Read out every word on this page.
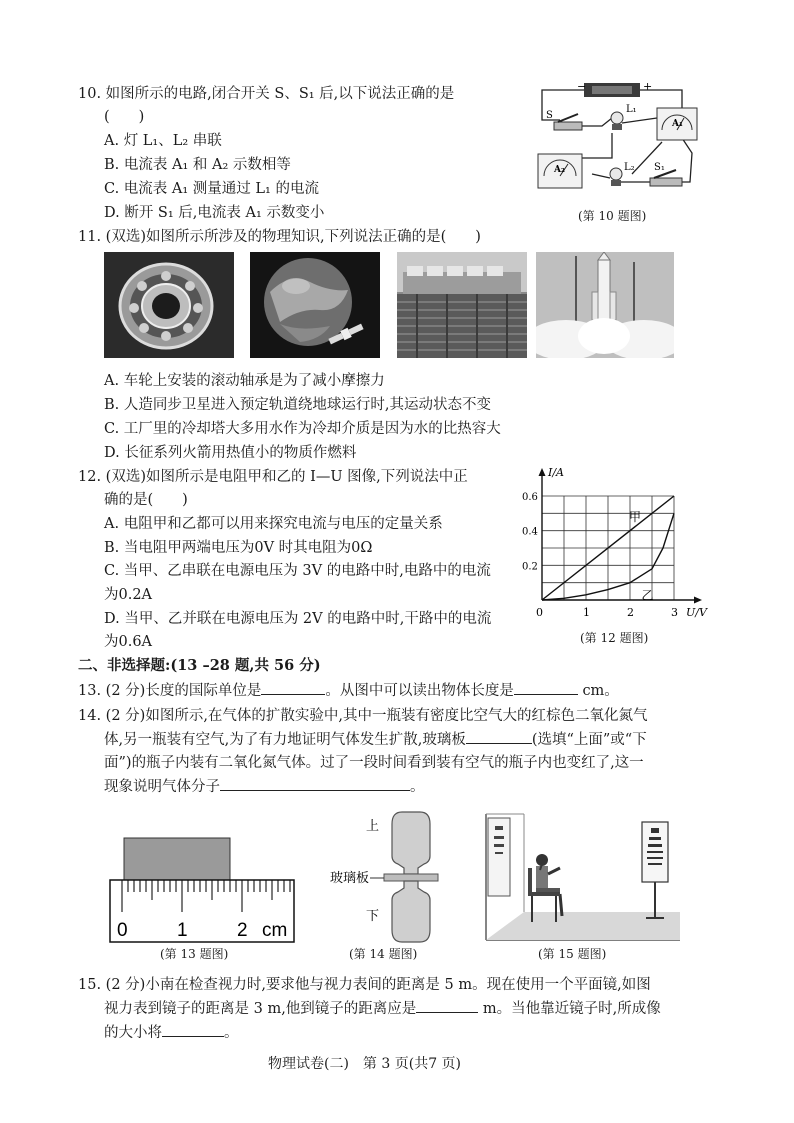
10. 如图所示的电路,闭合开关 S、S₁ 后,以下说法正确的是
(　　)
A. 灯 L₁、L₂ 串联
B. 电流表 A₁ 和 A₂ 示数相等
C. 电流表 A₁ 测量通过 L₁ 的电流
D. 断开 S₁ 后,电流表 A₁ 示数变小
−	+
S
L₁
A₁
A₂	L₂ S₁
(第 10 题图)
11. (双选)如图所示所涉及的物理知识,下列说法正确的是(　　)
A. 车轮上安装的滚动轴承是为了减小摩擦力
B. 人造同步卫星进入预定轨道绕地球运行时,其运动状态不变
C. 工厂里的冷却塔大多用水作为冷却介质是因为水的比热容大
D. 长征系列火箭用热值小的物质作燃料
12. (双选)如图所示是电阻甲和乙的 I—U 图像,下列说法中正
确的是(　　)
A. 电阻甲和乙都可以用来探究电流与电压的定量关系
B. 当电阻甲两端电压为0V 时其电阻为0Ω
C. 当甲、乙串联在电源电压为 3V 的电路中时,电路中的电流
为0.2A
D. 当甲、乙并联在电源电压为 2V 的电路中时,干路中的电流
为0.6A
甲
乙
1	2	3
0.2
0.4
0.6
I/A
U/V
0
(第 12 题图)
二、非选择题:(13 –28 题,共 56 分)
13. (2 分)长度的国际单位是	。从图中可以读出物体长度是	cm。
14. (2 分)如图所示,在气体的扩散实验中,其中一瓶装有密度比空气大的红棕色二氧化氮气
体,另一瓶装有空气,为了有力地证明气体发生扩散,玻璃板	(选填“上面”或“下
面”)的瓶子内装有二氧化氮气体。过了一段时间看到装有空气的瓶子内也变红了,这一
现象说明气体分子	。
0	1	2 cm
(第 13 题图)
上
玻璃板
下
(第 14 题图)	(第 15 题图)
15. (2 分)小南在检查视力时,要求他与视力表间的距离是 5 m。现在使用一个平面镜,如图
视力表到镜子的距离是 3 m,他到镜子的距离应是	m。当他靠近镜子时,所成像
的大小将	。
物理试卷(二)　第 3 页(共7 页)
